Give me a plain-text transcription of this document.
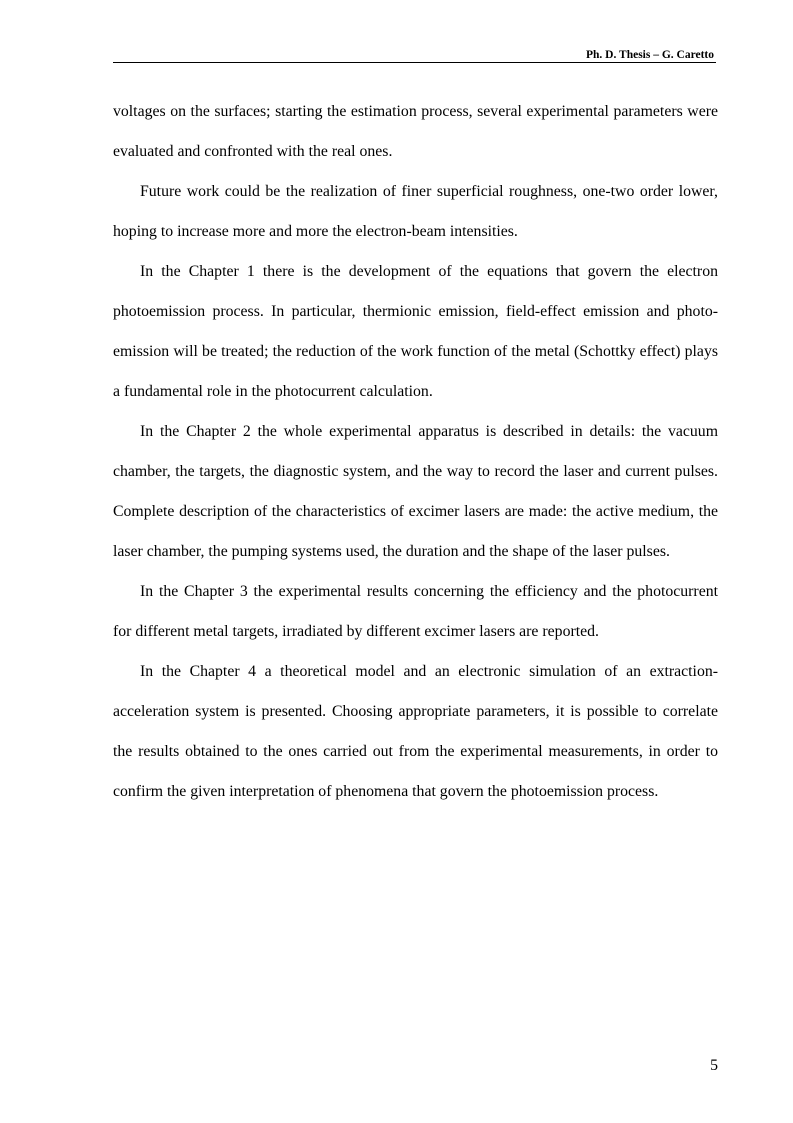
Ph. D. Thesis – G. Caretto

voltages on the surfaces; starting the estimation process, several experimental parameters were evaluated and confronted with the real ones.

Future work could be the realization of finer superficial roughness, one-two order lower, hoping to increase more and more the electron-beam intensities.

In the Chapter 1 there is the development of the equations that govern the electron photoemission process. In particular, thermionic emission, field-effect emission and photo-emission will be treated; the reduction of the work function of the metal (Schottky effect) plays a fundamental role in the photocurrent calculation.

In the Chapter 2 the whole experimental apparatus is described in details: the vacuum chamber, the targets, the diagnostic system, and the way to record the laser and current pulses. Complete description of the characteristics of excimer lasers are made: the active medium, the laser chamber, the pumping systems used, the duration and the shape of the laser pulses.

In the Chapter 3 the experimental results concerning the efficiency and the photocurrent for different metal targets, irradiated by different excimer lasers are reported.

In the Chapter 4 a theoretical model and an electronic simulation of an extraction-acceleration system is presented. Choosing appropriate parameters, it is possible to correlate the results obtained to the ones carried out from the experimental measurements, in order to confirm the given interpretation of phenomena that govern the photoemission process.

5
